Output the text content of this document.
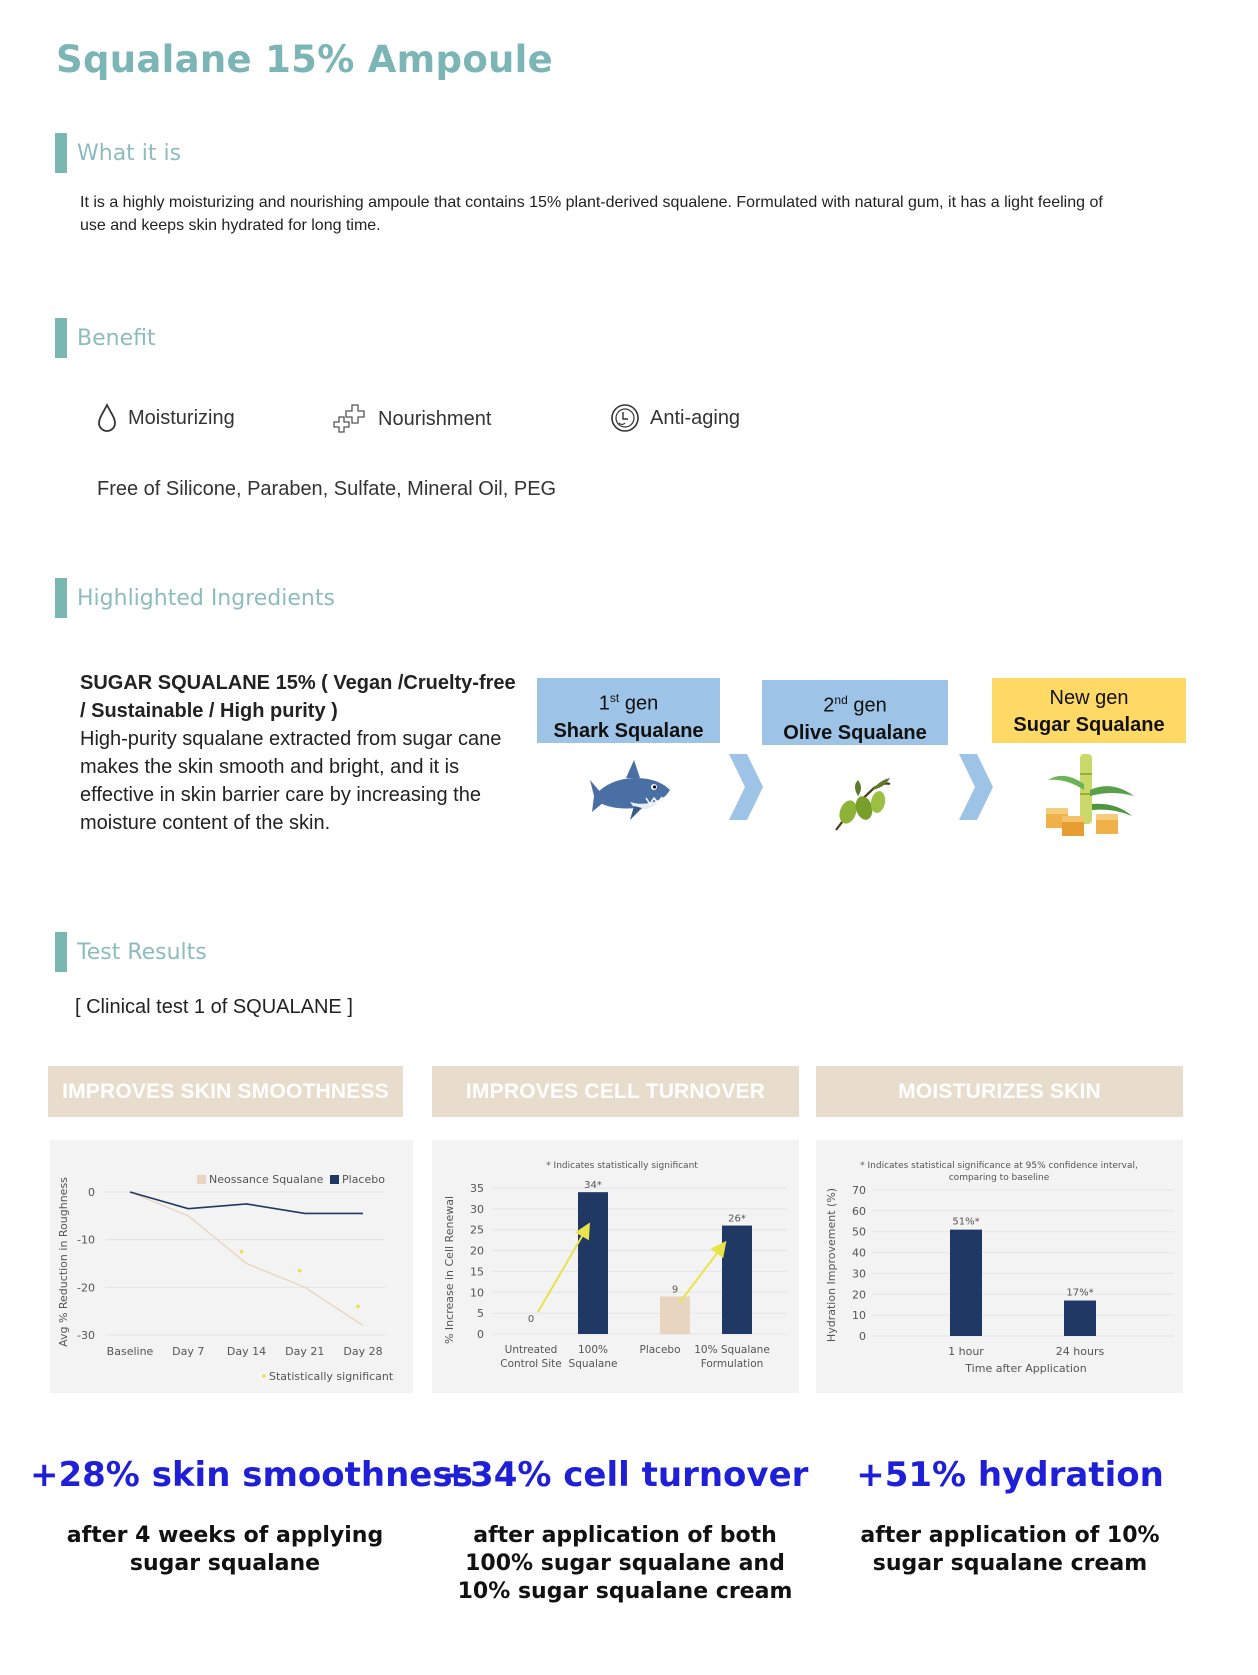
Squalane 15% Ampoule
What it is
It is a highly moisturizing and nourishing ampoule that contains 15% plant-derived squalene. Formulated with natural gum, it has a light feeling of
use and keeps skin hydrated for long time.
Benefit
Moisturizing	Nourishment	Anti-aging
Free of Silicone, Paraben, Sulfate, Mineral Oil, PEG
Highlighted Ingredients
SUGAR SQUALANE 15% ( Vegan /Cruelty-free
/ Sustainable / High purity )
High-purity squalane extracted from sugar cane makes the skin smooth and bright, and it is effective in skin barrier care by increasing the moisture content of the skin.
1st gen
Shark Squalane
2nd gen
Olive Squalane
New gen
Sugar Squalane
Test Results
[ Clinical test 1 of SQUALANE ]
IMPROVES SKIN SMOOTHNESS	IMPROVES CELL TURNOVER	MOISTURIZES SKIN
Neossance Squalane Placebo
Avg % Reduction in Roughness 0
-10
-20
-30
Baseline Day 7 Day 14 Day 21 Day 28
Statistically significant
* Indicates statistically significant
% Increase in Cell Renewal 0
5
10
15
20
25
30
35
0
Untreated
Control Site
34*
100%
Squalane
9
Placebo
26*
10% Squalane
Formulation
* Indicates statistical significance at 95% confidence interval,
comparing to baseline
Hydration Improvement (%) 0
10
20
30
40
50
60
70
51%*
1 hour
17%*
24 hours
Time after Application
+28% skin smoothness
+34% cell turnover	+51% hydration
after 4 weeks of applying
sugar squalane
after application of both
100% sugar squalane and
10% sugar squalane cream
after application of 10%
sugar squalane cream
